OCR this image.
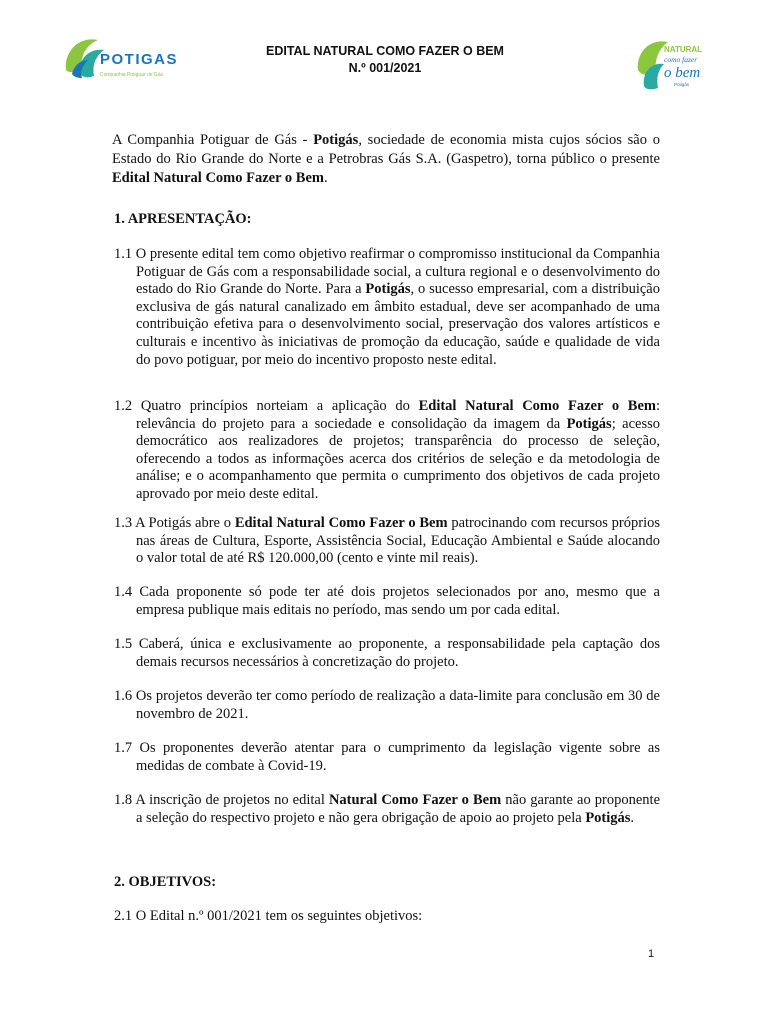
POTIGAS
Companhia Potiguar de Gás
EDITAL NATURAL COMO FAZER O BEM
N.º 001/2021
NATURAL
como fazer
o bem
Potigás
A Companhia Potiguar de Gás - Potigás, sociedade de economia mista cujos sócios são o Estado do Rio Grande do Norte e a Petrobras Gás S.A. (Gaspetro), torna público o presente Edital Natural Como Fazer o Bem.
1. APRESENTAÇÃO:
1.1 O presente edital tem como objetivo reafirmar o compromisso institucional da Companhia Potiguar de Gás com a responsabilidade social, a cultura regional e o desenvolvimento do estado do Rio Grande do Norte. Para a Potigás, o sucesso empresarial, com a distribuição exclusiva de gás natural canalizado em âmbito estadual, deve ser acompanhado de uma contribuição efetiva para o desenvolvimento social, preservação dos valores artísticos e culturais e incentivo às iniciativas de promoção da educação, saúde e qualidade de vida do povo potiguar, por meio do incentivo proposto neste edital.
1.2 Quatro princípios norteiam a aplicação do Edital Natural Como Fazer o Bem: relevância do projeto para a sociedade e consolidação da imagem da Potigás; acesso democrático aos realizadores de projetos; transparência do processo de seleção, oferecendo a todos as informações acerca dos critérios de seleção e da metodologia de análise; e o acompanhamento que permita o cumprimento dos objetivos de cada projeto aprovado por meio deste edital.
1.3 A Potigás abre o Edital Natural Como Fazer o Bem patrocinando com recursos próprios nas áreas de Cultura, Esporte, Assistência Social, Educação Ambiental e Saúde alocando o valor total de até R$ 120.000,00 (cento e vinte mil reais).
1.4 Cada proponente só pode ter até dois projetos selecionados por ano, mesmo que a empresa publique mais editais no período, mas sendo um por cada edital.
1.5 Caberá, única e exclusivamente ao proponente, a responsabilidade pela captação dos demais recursos necessários à concretização do projeto.
1.6 Os projetos deverão ter como período de realização a data-limite para conclusão em 30 de novembro de 2021.
1.7 Os proponentes deverão atentar para o cumprimento da legislação vigente sobre as medidas de combate à Covid-19.
1.8 A inscrição de projetos no edital Natural Como Fazer o Bem não garante ao proponente a seleção do respectivo projeto e não gera obrigação de apoio ao projeto pela Potigás.
2. OBJETIVOS:
2.1 O Edital n.º 001/2021 tem os seguintes objetivos:
1
